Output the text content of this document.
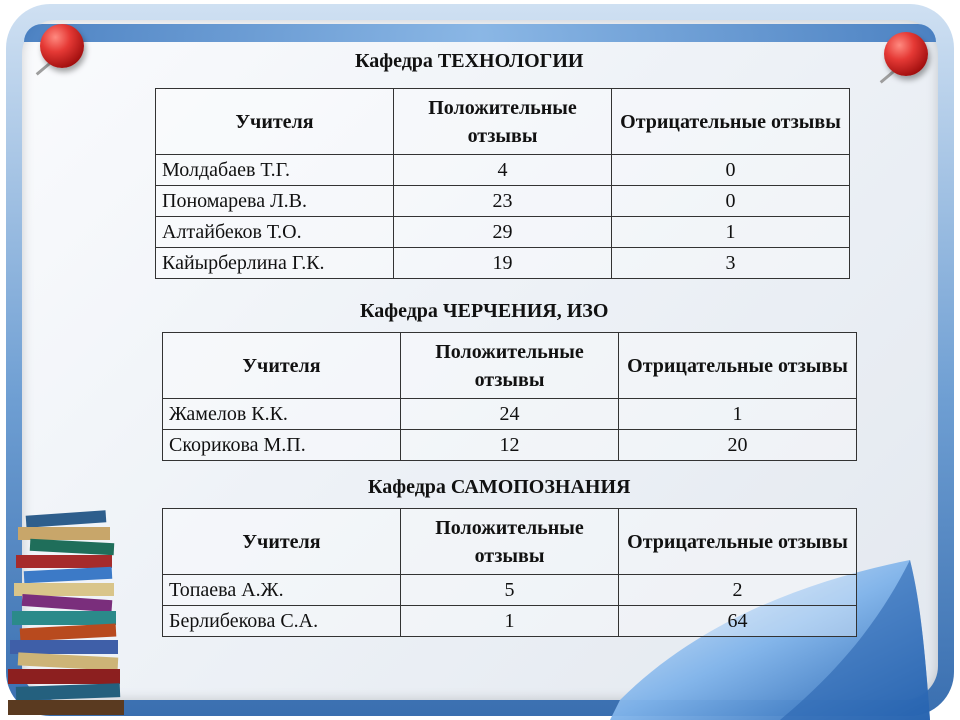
Кафедра ТЕХНОЛОГИИ
Учителя	Положительные отзывы	Отрицательные отзывы
Молдабаев Т.Г.	4	0
Пономарева Л.В.	23	0
Алтайбеков Т.О.	29	1
Кайырберлина Г.К.	19	3
Кафедра ЧЕРЧЕНИЯ, ИЗО
Учителя	Положительные отзывы	Отрицательные отзывы
Жамелов К.К.	24	1
Скорикова М.П.	12	20
Кафедра САМОПОЗНАНИЯ
Учителя	Положительные отзывы	Отрицательные отзывы
Топаева А.Ж.	5	2
Берлибекова С.А.	1	64
